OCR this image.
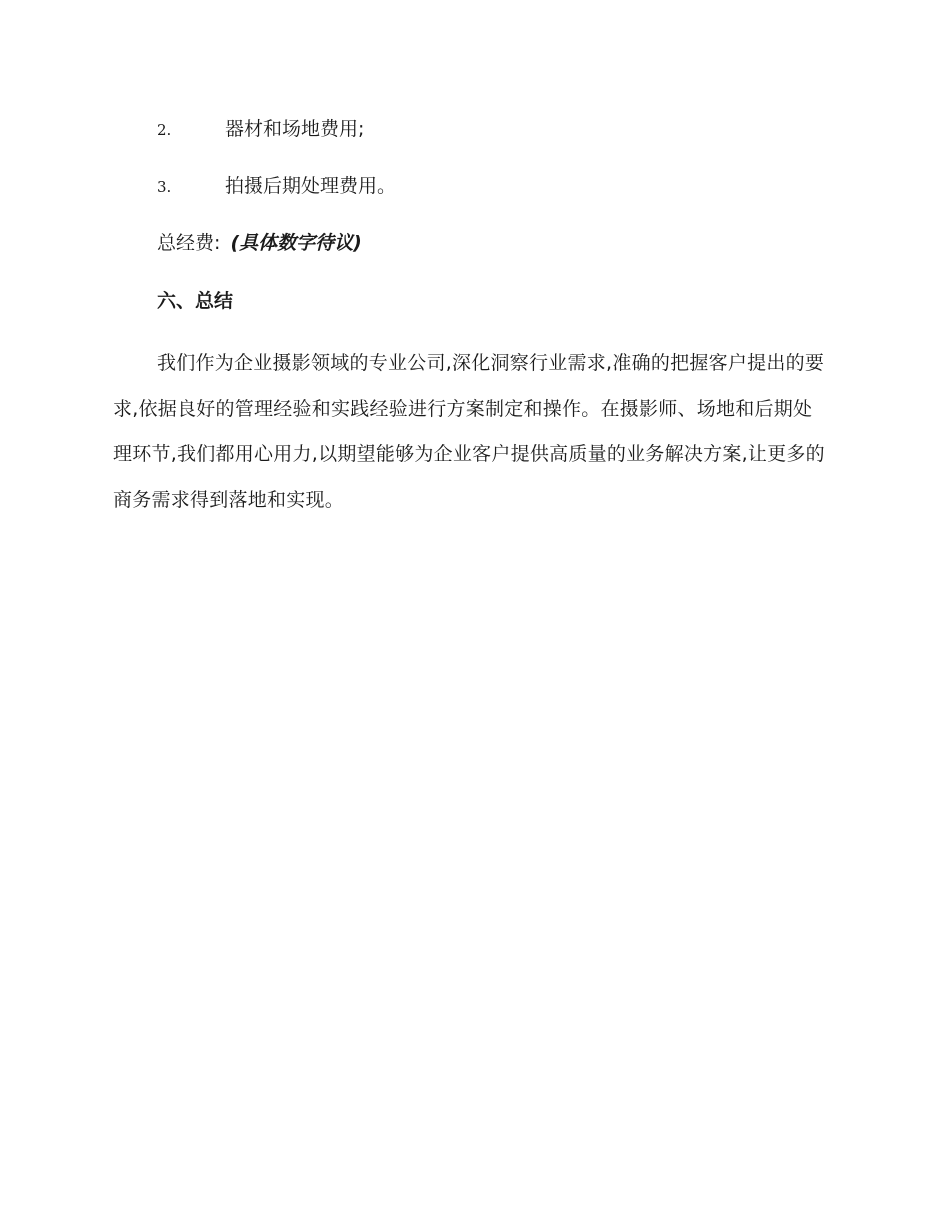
2.	器材和场地费用;
3.	拍摄后期处理费用。
总经费: (具体数字待议)
六、总结

我们作为企业摄影领域的专业公司,深化洞察行业需求,准确的把握客户提出的要求,依据良好的管理经验和实践经验进行方案制定和操作。在摄影师、场地和后期处理环节,我们都用心用力,以期望能够为企业客户提供高质量的业务解决方案,让更多的商务需求得到落地和实现。
